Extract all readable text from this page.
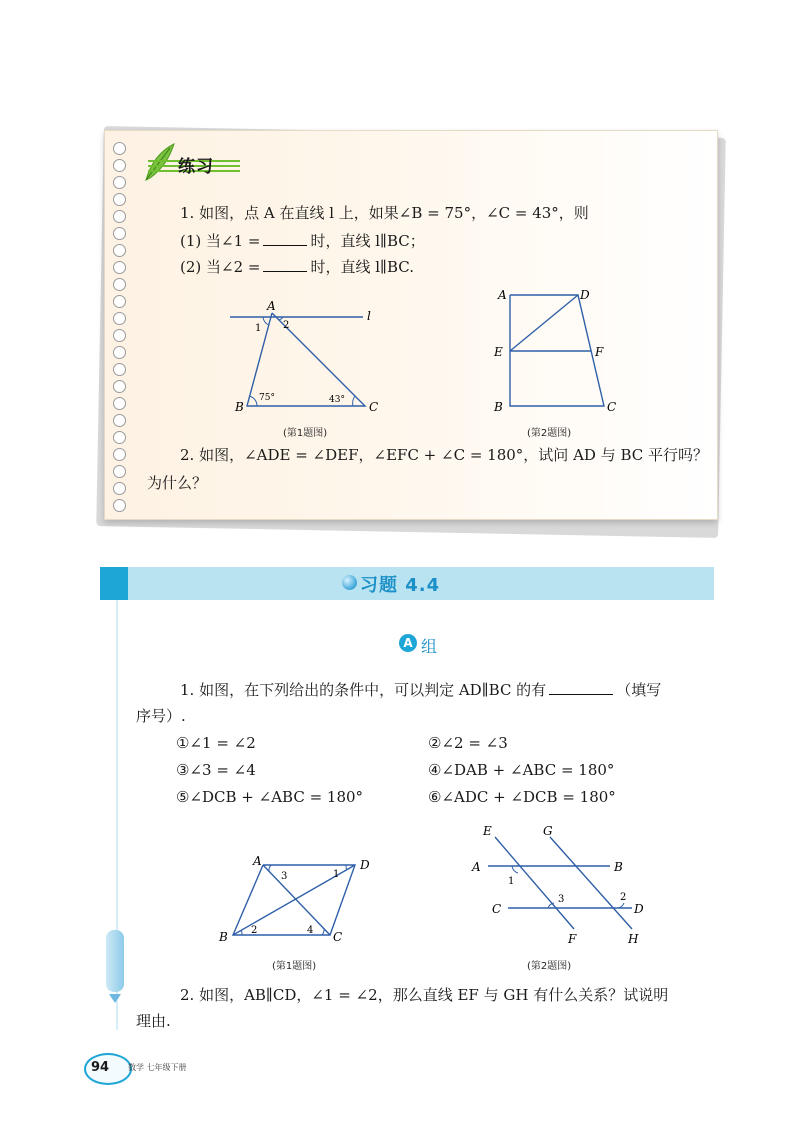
练习
1. 如图，点 A 在直线 l 上，如果∠B = 75°，∠C = 43°，则
(1) 当∠1 =	时，直线 l∥BC；
(2) 当∠2 =	时，直线 l∥BC.
A
l
1 2
B	C
75°	43°
(第1题图)
A	D
E	F
B	C
(第2题图)
2. 如图，∠ADE = ∠DEF，∠EFC + ∠C = 180°，试问 AD 与 BC 平行吗？
为什么？
习题 4.4
A 组
1. 如图，在下列给出的条件中，可以判定 AD∥BC 的有	（填写
序号）.
①∠1 = ∠2	②∠2 = ∠3
③∠3 = ∠4	④∠DAB + ∠ABC = 180°
⑤∠DCB + ∠ABC = 180°	⑥∠ADC + ∠DCB = 180°
A	D
B	C
3	1
2	4
(第1题图)
E	G
A	B
C	D
F	H
1
3	2
(第2题图)
2. 如图，AB∥CD，∠1 = ∠2，那么直线 EF 与 GH 有什么关系？试说明
理由.
94 数学 七年级下册
